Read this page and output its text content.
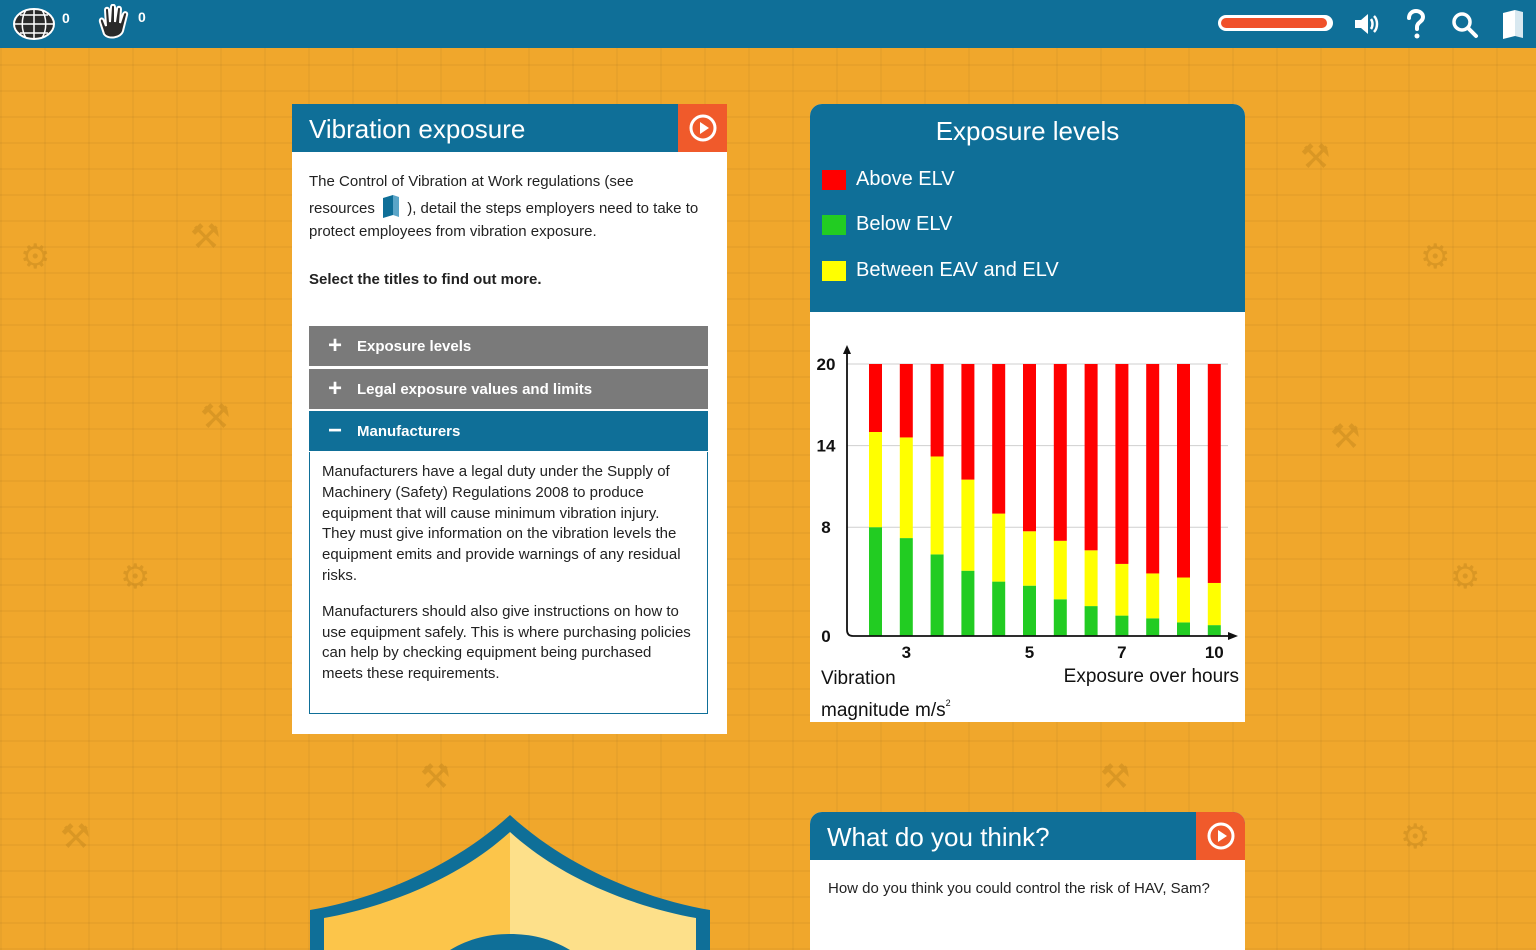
⚙
⚒
⚙
⚒
⚒
⚙
⚒
⚙
⚒	⚒
⚒	⚙
0	0
Vibration exposure
The Control of Vibration at Work regulations (see resources ), detail the steps employers need to take to protect employees from vibration exposure.
Select the titles to find out more.
+	Exposure levels
+	Legal exposure values and limits
−	Manufacturers

Manufacturers have a legal duty under the Supply of Machinery (Safety) Regulations 2008 to produce equipment that will cause minimum vibration injury. They must give information on the vibration levels the equipment emits and provide warnings of any residual risks.

Manufacturers should also give instructions on how to use equipment safely. This is where purchasing policies can help by checking equipment being purchased meets these requirements.

Exposure levels
Above ELV
Below ELV
Between EAV and ELV
0
8
14
20
3	5	7	10
Vibration
magnitude $m/s^2$
Exposure over hours
What do you think?
How do you think you could control the risk of HAV, Sam?
